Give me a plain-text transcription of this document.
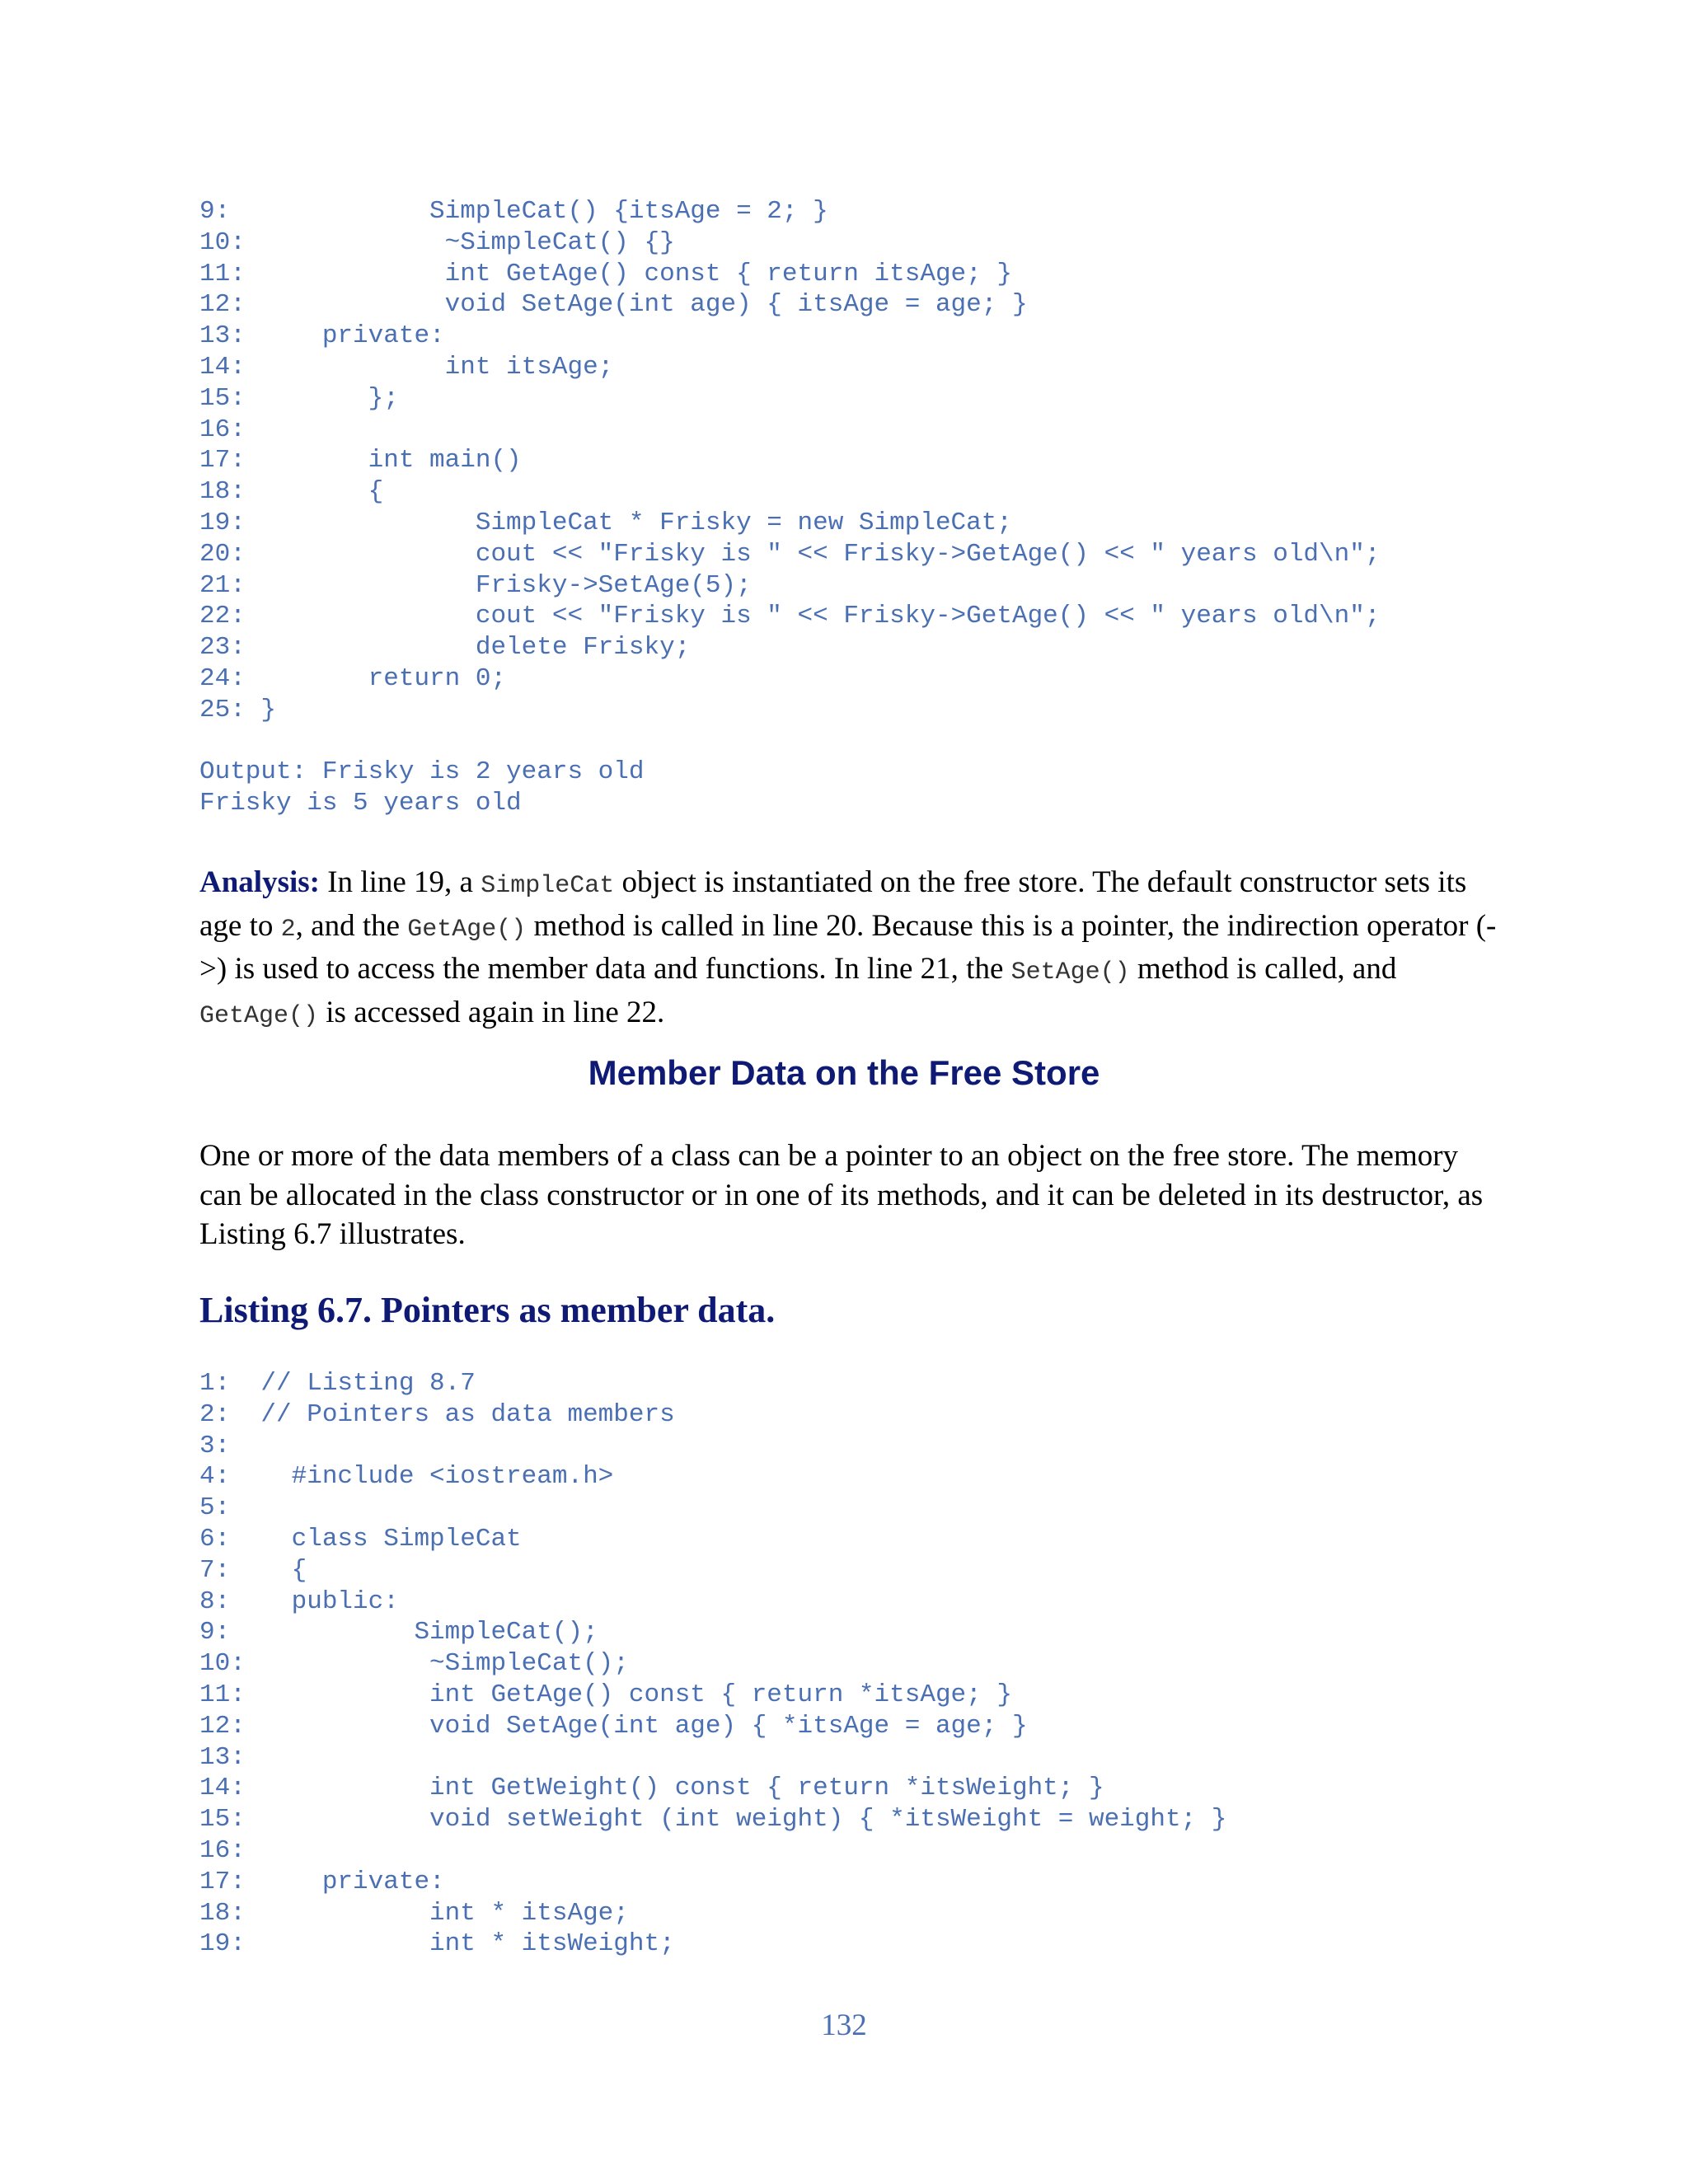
9:             SimpleCat() {itsAge = 2; }
10:             ~SimpleCat() {}
11:             int GetAge() const { return itsAge; }
12:             void SetAge(int age) { itsAge = age; }
13:     private:
14:             int itsAge;
15:        };
16:
17:        int main()
18:        {
19:               SimpleCat * Frisky = new SimpleCat;
20:               cout << "Frisky is " << Frisky->GetAge() << " years old\n";
21:               Frisky->SetAge(5);
22:               cout << "Frisky is " << Frisky->GetAge() << " years old\n";
23:               delete Frisky;
24:        return 0;
25: }
Output: Frisky is 2 years old
Frisky is 5 years old

Analysis: In line 19, a SimpleCat object is instantiated on the free store. The default constructor sets its age to 2, and the GetAge() method is called in line 20. Because this is a pointer, the indirection operator (->) is used to access the member data and functions. In line 21, the SetAge() method is called, and GetAge() is accessed again in line 22.

Member Data on the Free Store

One or more of the data members of a class can be a pointer to an object on the free store. The memory can be allocated in the class constructor or in one of its methods, and it can be deleted in its destructor, as Listing 6.7 illustrates.

Listing 6.7. Pointers as member data.
1:  // Listing 8.7
2:  // Pointers as data members
3:
4:    #include <iostream.h>
5:
6:    class SimpleCat
7:    {
8:    public:
9:            SimpleCat();
10:            ~SimpleCat();
11:            int GetAge() const { return *itsAge; }
12:            void SetAge(int age) { *itsAge = age; }
13:
14:            int GetWeight() const { return *itsWeight; }
15:            void setWeight (int weight) { *itsWeight = weight; }
16:
17:     private:
18:            int * itsAge;
19:            int * itsWeight;
132
